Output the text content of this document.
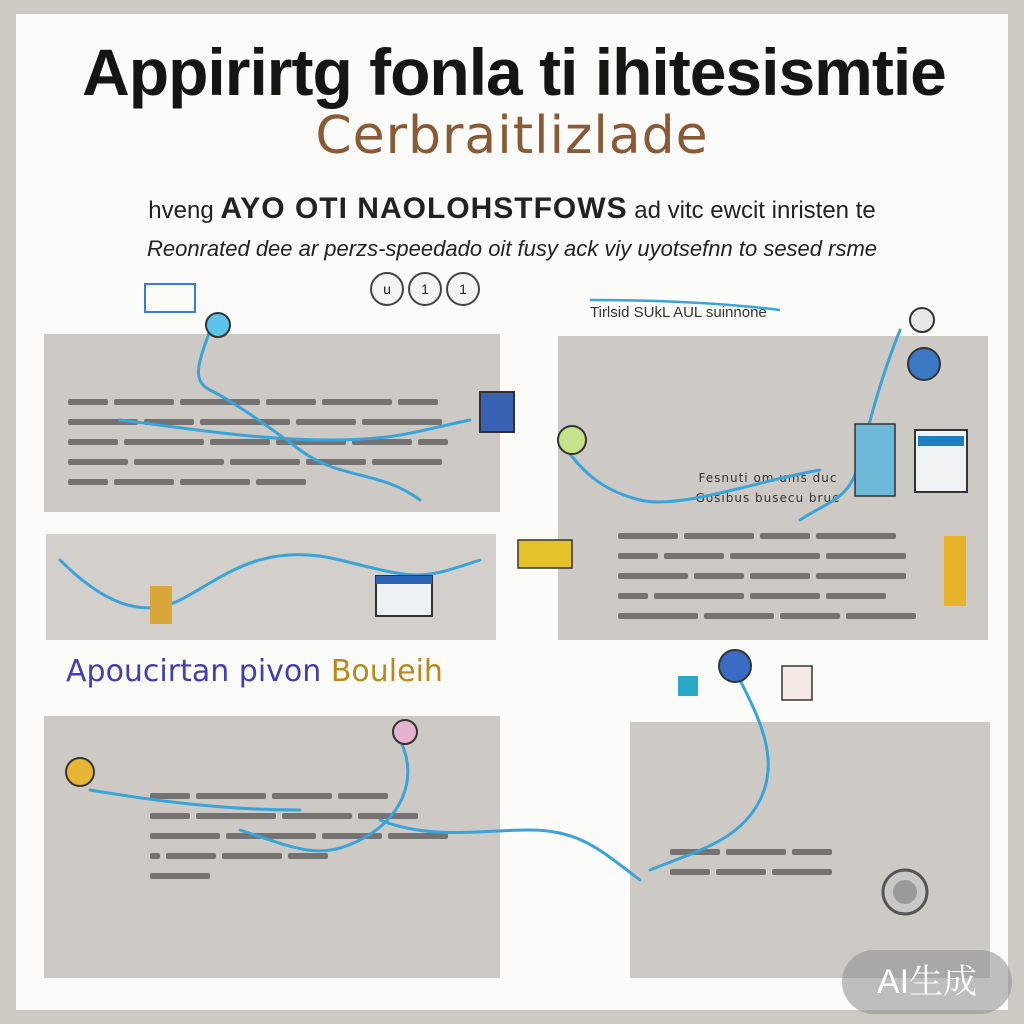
Appirirtg fonla ti ihitesismtie
Cerbraitlizlade
hveng AYO OTI NAOLOHSTFOWS ad vitc ewcit inristen te
Reonrated dee ar perzs-speedado oit fusy ack viy uyotsefnn to sesed rsme
u	1	1
Tirlsid SUkL AUL suinnone
Fesnuti om ums duc
Gosibus busecu brue
Apoucirtan pivon Bouleih
AI生成
